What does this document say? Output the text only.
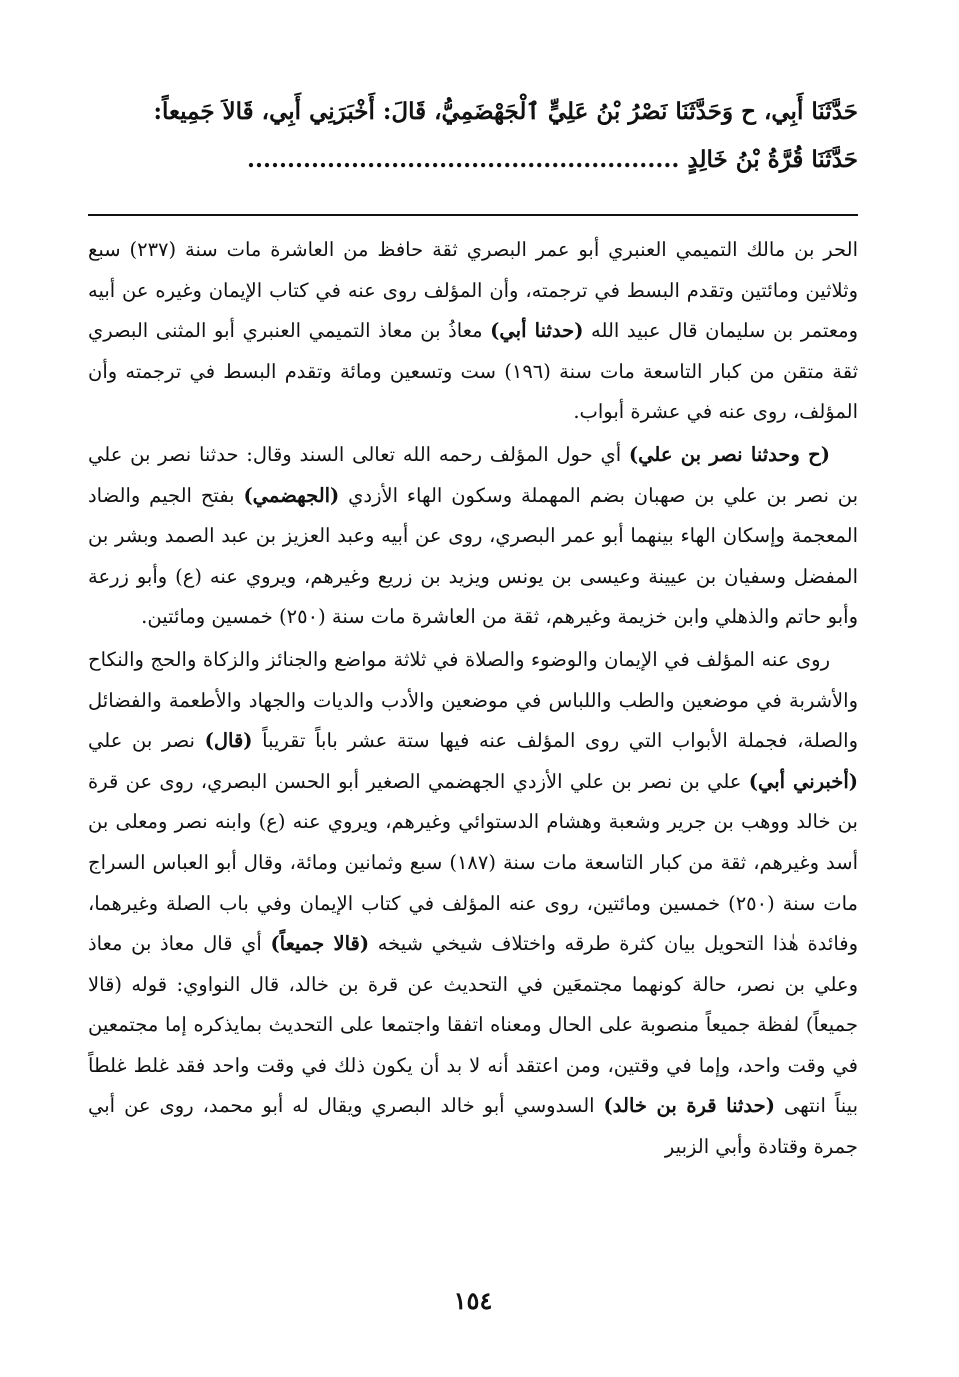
حَدَّثَنَا أَبِي، ح وَحَدَّثَنَا نَصْرُ بْنُ عَلِيٍّ ٱلْجَهْضَمِيُّ، قَالَ: أَخْبَرَنِي أَبِي، قَالاَ جَمِيعاً:
حَدَّثَنَا قُرَّةُ بْنُ خَالِدٍ ......................................................

الحر بن مالك التميمي العنبري أبو عمر البصري ثقة حافظ من العاشرة مات سنة (٢٣٧) سبع وثلاثين ومائتين وتقدم البسط في ترجمته، وأن المؤلف روى عنه في كتاب الإيمان وغيره عن أبيه ومعتمر بن سليمان قال عبيد الله (حدثنا أبي) معاذُ بن معاذ التميمي العنبري أبو المثنى البصري ثقة متقن من كبار التاسعة مات سنة (١٩٦) ست وتسعين ومائة وتقدم البسط في ترجمته وأن المؤلف، روى عنه في عشرة أبواب.

(ح وحدثنا نصر بن علي) أي حول المؤلف رحمه الله تعالى السند وقال: حدثنا نصر بن علي بن نصر بن علي بن صهبان بضم المهملة وسكون الهاء الأزدي (الجهضمي) بفتح الجيم والضاد المعجمة وإسكان الهاء بينهما أبو عمر البصري، روى عن أبيه وعبد العزيز بن عبد الصمد وبشر بن المفضل وسفيان بن عيينة وعيسى بن يونس ويزيد بن زريع وغيرهم، ويروي عنه (ع) وأبو زرعة وأبو حاتم والذهلي وابن خزيمة وغيرهم، ثقة من العاشرة مات سنة (٢٥٠) خمسين ومائتين.

روى عنه المؤلف في الإيمان والوضوء والصلاة في ثلاثة مواضع والجنائز والزكاة والحج والنكاح والأشربة في موضعين والطب واللباس في موضعين والأدب والديات والجهاد والأطعمة والفضائل والصلة، فجملة الأبواب التي روى المؤلف عنه فيها ستة عشر باباً تقريباً (قال) نصر بن علي (أخبرني أبي) علي بن نصر بن علي الأزدي الجهضمي الصغير أبو الحسن البصري، روى عن قرة بن خالد ووهب بن جرير وشعبة وهشام الدستوائي وغيرهم، ويروي عنه (ع) وابنه نصر ومعلى بن أسد وغيرهم، ثقة من كبار التاسعة مات سنة (١٨٧) سبع وثمانين ومائة، وقال أبو العباس السراج مات سنة (٢٥٠) خمسين ومائتين، روى عنه المؤلف في كتاب الإيمان وفي باب الصلة وغيرهما، وفائدة هٰذا التحويل بيان كثرة طرقه واختلاف شيخي شيخه (قالا جميعاً) أي قال معاذ بن معاذ وعلي بن نصر، حالة كونهما مجتمعَين في التحديث عن قرة بن خالد، قال النواوي: قوله (قالا جميعاً) لفظة جميعاً منصوبة على الحال ومعناه اتفقا واجتمعا على التحديث بمايذكره إما مجتمعين في وقت واحد، وإما في وقتين، ومن اعتقد أنه لا بد أن يكون ذلك في وقت واحد فقد غلط غلطاً بيناً انتهى (حدثنا قرة بن خالد) السدوسي أبو خالد البصري ويقال له أبو محمد، روى عن أبي جمرة وقتادة وأبي الزبير

١٥٤
